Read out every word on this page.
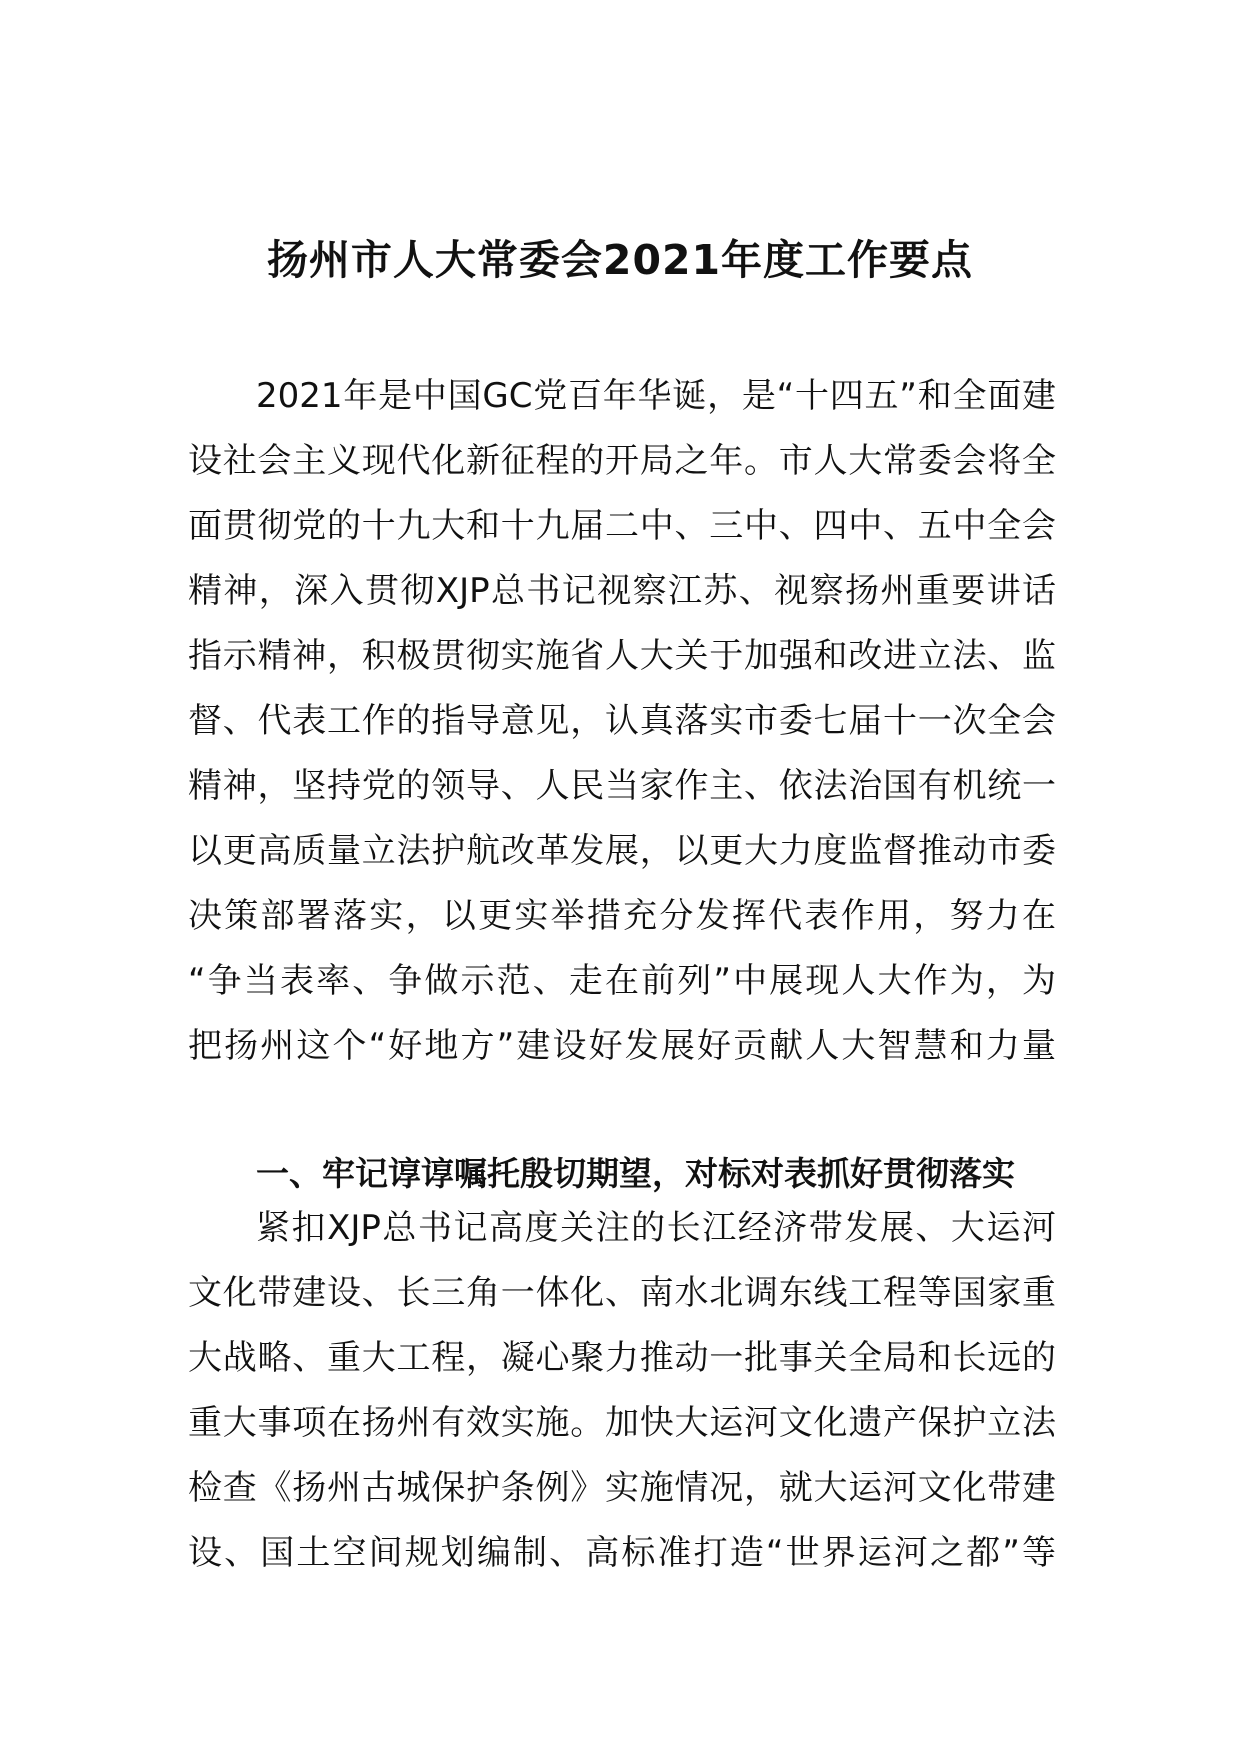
扬州市人大常委会2021年度工作要点
2021年是中国GC党百年华诞，是“十四五”和全面建
设社会主义现代化新征程的开局之年。市人大常委会将全
面贯彻党的十九大和十九届二中、三中、四中、五中全会
精神，深入贯彻XJP总书记视察江苏、视察扬州重要讲话
指示精神，积极贯彻实施省人大关于加强和改进立法、监
督、代表工作的指导意见，认真落实市委七届十一次全会
精神，坚持党的领导、人民当家作主、依法治国有机统一
以更高质量立法护航改革发展，以更大力度监督推动市委
决策部署落实，以更实举措充分发挥代表作用，努力在
“争当表率、争做示范、走在前列”中展现人大作为，为
把扬州这个“好地方”建设好发展好贡献人大智慧和力量
一、牢记谆谆嘱托殷切期望，对标对表抓好贯彻落实
紧扣XJP总书记高度关注的长江经济带发展、大运河
文化带建设、长三角一体化、南水北调东线工程等国家重
大战略、重大工程，凝心聚力推动一批事关全局和长远的
重大事项在扬州有效实施。加快大运河文化遗产保护立法
检查《扬州古城保护条例》实施情况，就大运河文化带建
设、国土空间规划编制、高标准打造“世界运河之都”等
